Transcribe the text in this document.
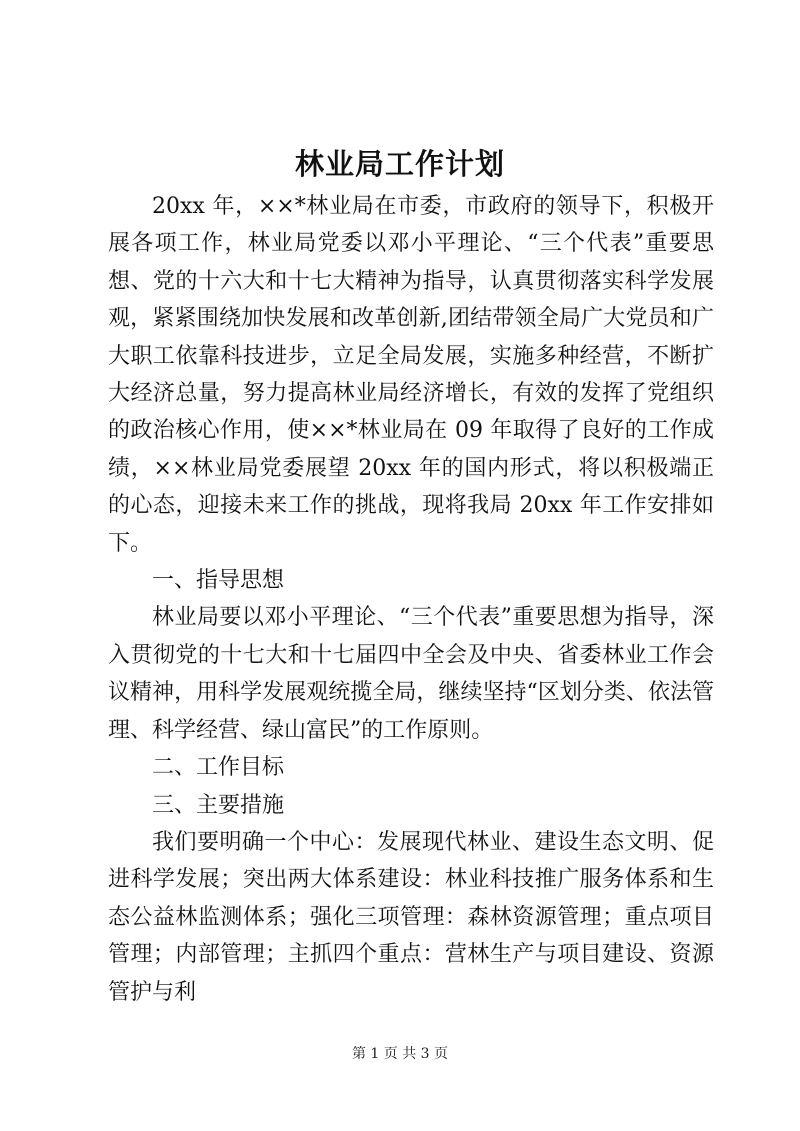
林业局工作计划

20xx 年，××*林业局在市委，市政府的领导下，积极开展各项工作，林业局党委以邓小平理论、“三个代表”重要思想、党的十六大和十七大精神为指导，认真贯彻落实科学发展观，紧紧围绕加快发展和改革创新,团结带领全局广大党员和广大职工依靠科技进步，立足全局发展，实施多种经营，不断扩大经济总量，努力提高林业局经济增长，有效的发挥了党组织的政治核心作用，使××*林业局在 09 年取得了良好的工作成绩，××林业局党委展望 20xx 年的国内形式，将以积极端正的心态，迎接未来工作的挑战，现将我局 20xx 年工作安排如下。

一、指导思想

林业局要以邓小平理论、“三个代表”重要思想为指导，深入贯彻党的十七大和十七届四中全会及中央、省委林业工作会议精神，用科学发展观统揽全局，继续坚持“区划分类、依法管理、科学经营、绿山富民”的工作原则。

二、工作目标

三、主要措施

我们要明确一个中心：发展现代林业、建设生态文明、促进科学发展；突出两大体系建设：林业科技推广服务体系和生态公益林监测体系；强化三项管理：森林资源管理；重点项目管理；内部管理；主抓四个重点：营林生产与项目建设、资源管护与利

第 1 页 共 3 页
